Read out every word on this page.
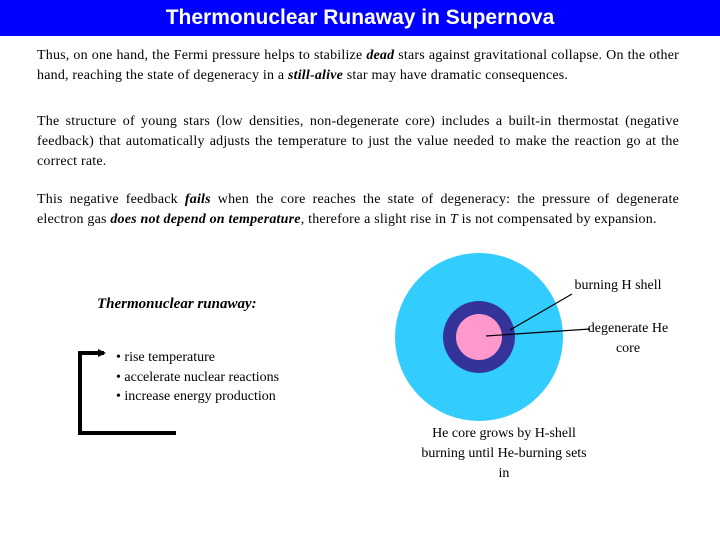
Thermonuclear Runaway in Supernova
Thus, on one hand, the Fermi pressure helps to stabilize dead stars against gravitational collapse. On the other hand, reaching the state of degeneracy in a still-alive star may have dramatic consequences.
The structure of young stars (low densities, non-degenerate core) includes a built-in thermostat (negative feedback) that automatically adjusts the temperature to just the value needed to make the reaction go at the correct rate.
This negative feedback fails when the core reaches the state of degeneracy: the pressure of degenerate electron gas does not depend on temperature, therefore a slight rise in T is not compensated by expansion.
Thermonuclear runaway:
• rise temperature
• accelerate nuclear reactions
• increase energy production
burning H shell
degenerate He
core
He core grows by H-shell
burning until He-burning sets
in
